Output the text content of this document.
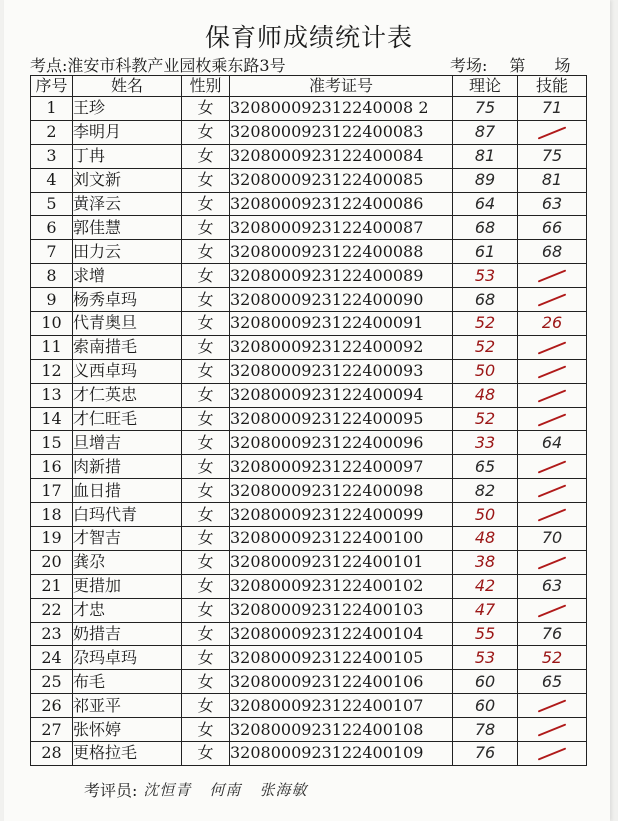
保育师成绩统计表
考点:淮安市科教产业园枚乘东路3号	考场: 第 场
序号	姓名	性别	准考证号	理论	技能
1	王珍	女	320800092312240008 2	75	71
2	李明月	女	3208000923122400083	87	
3	丁冉	女	3208000923122400084	81	75
4	刘文新	女	3208000923122400085	89	81
5	黄泽云	女	3208000923122400086	64	63
6	郭佳慧	女	3208000923122400087	68	66
7	田力云	女	3208000923122400088	61	68
8	求增	女	3208000923122400089	53	
9	杨秀卓玛	女	3208000923122400090	68	
10	代青奥旦	女	3208000923122400091	52	26
11	索南措毛	女	3208000923122400092	52	
12	义西卓玛	女	3208000923122400093	50	
13	才仁英忠	女	3208000923122400094	48	
14	才仁旺毛	女	3208000923122400095	52	
15	旦增吉	女	3208000923122400096	33	64
16	肉新措	女	3208000923122400097	65	
17	血日措	女	3208000923122400098	82	
18	白玛代青	女	3208000923122400099	50	
19	才智吉	女	3208000923122400100	48	70
20	龚尕	女	3208000923122400101	38	
21	更措加	女	3208000923122400102	42	63
22	才忠	女	3208000923122400103	47	
23	奶措吉	女	3208000923122400104	55	76
24	尕玛卓玛	女	3208000923122400105	53	52
25	布毛	女	3208000923122400106	60	65
26	祁亚平	女	3208000923122400107	60	
27	张怀婷	女	3208000923122400108	78	
28	更格拉毛	女	3208000923122400109	76	
考评员: 沈恒青 何南 张海敏
